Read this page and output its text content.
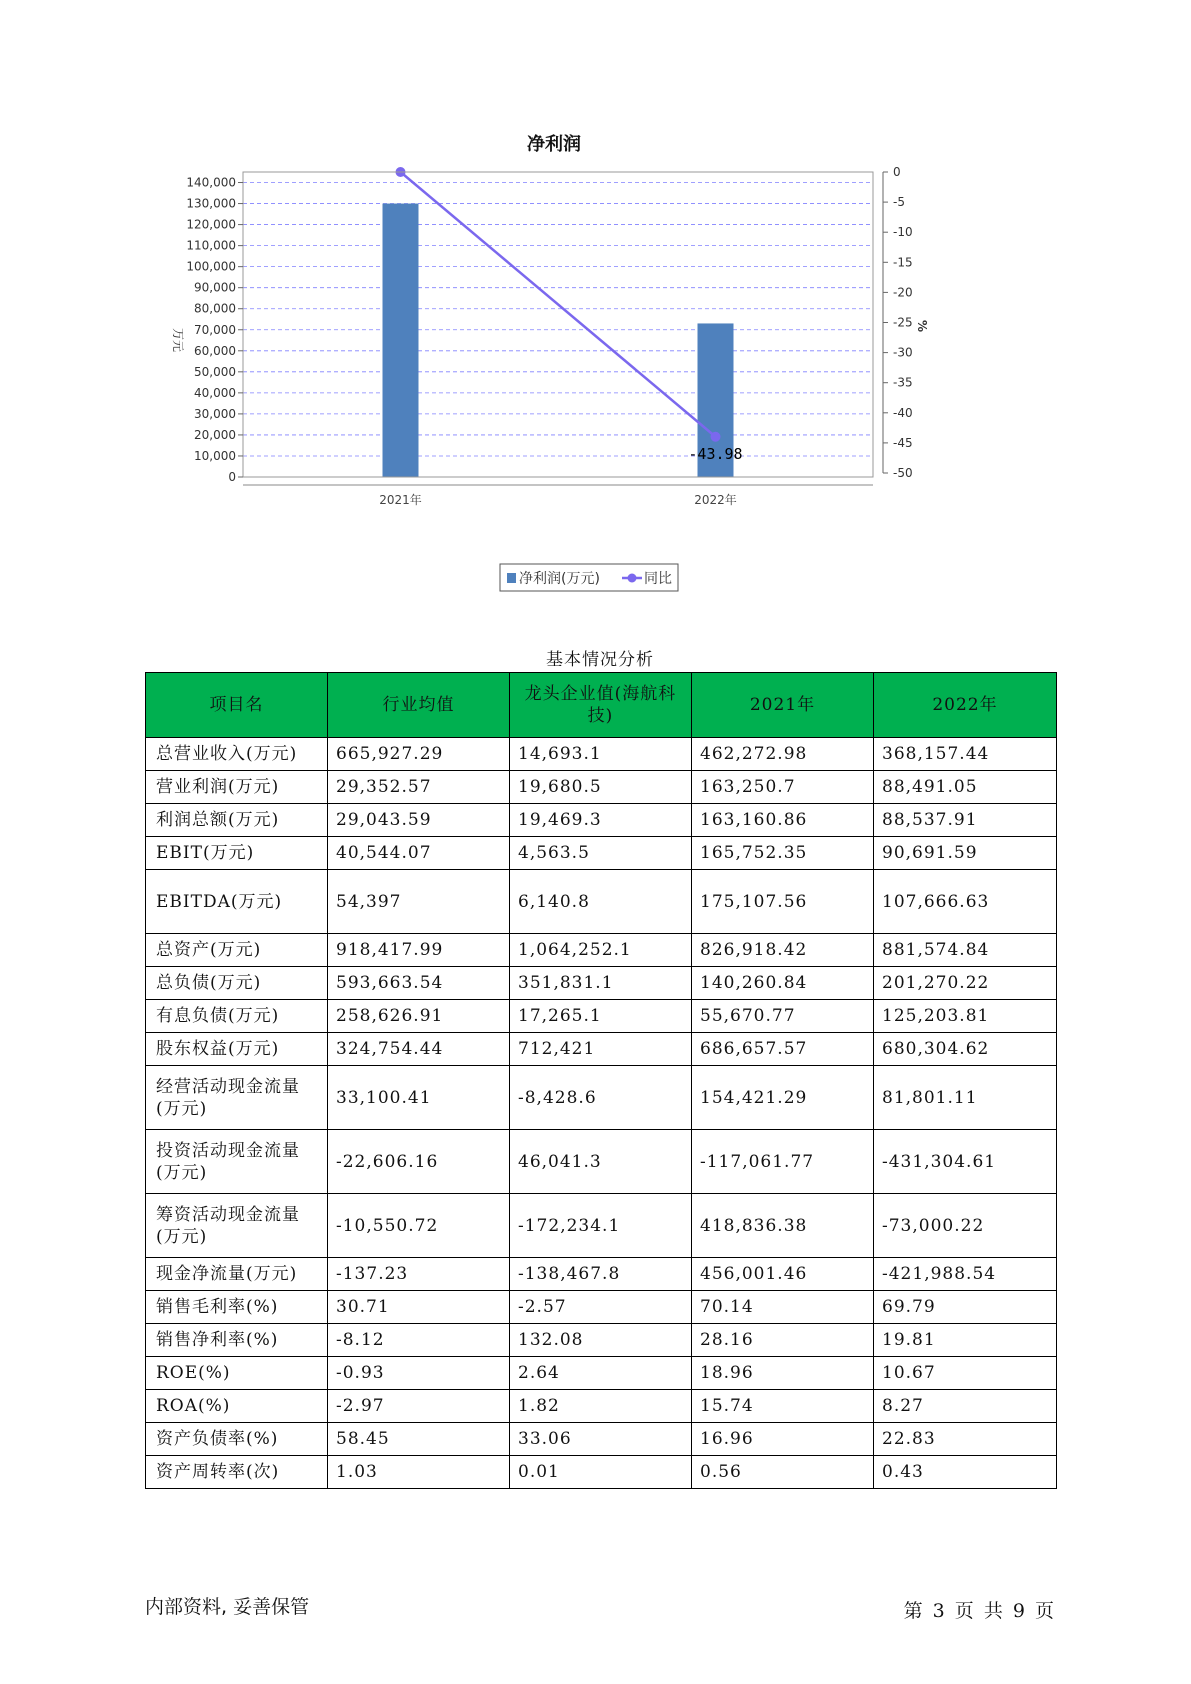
净利润
-43.98
0
10,000
20,000
30,000
40,000
50,000
60,000
70,000
80,000
90,000
100,000
110,000
120,000
130,000
140,000
0
-5
-10
-15
-20
-25
-30
-35
-40
-45
-50
2021年	2022年
万元
%
净利润(万元)	同比
基本情况分析
项目名	行业均值	龙头企业值(海航科技)	2021年	2022年
总营业收入(万元)	665,927.29	14,693.1	462,272.98	368,157.44
营业利润(万元)	29,352.57	19,680.5	163,250.7	88,491.05
利润总额(万元)	29,043.59	19,469.3	163,160.86	88,537.91
EBIT(万元)	40,544.07	4,563.5	165,752.35	90,691.59
EBITDA(万元)	54,397	6,140.8	175,107.56	107,666.63
总资产(万元)	918,417.99	1,064,252.1	826,918.42	881,574.84
总负债(万元)	593,663.54	351,831.1	140,260.84	201,270.22
有息负债(万元)	258,626.91	17,265.1	55,670.77	125,203.81
股东权益(万元)	324,754.44	712,421	686,657.57	680,304.62
经营活动现金流量(万元)	33,100.41	-8,428.6	154,421.29	81,801.11
投资活动现金流量(万元)	-22,606.16	46,041.3	-117,061.77	-431,304.61
筹资活动现金流量(万元)	-10,550.72	-172,234.1	418,836.38	-73,000.22
现金净流量(万元)	-137.23	-138,467.8	456,001.46	-421,988.54
销售毛利率(%)	30.71	-2.57	70.14	69.79
销售净利率(%)	-8.12	132.08	28.16	19.81
ROE(%)	-0.93	2.64	18.96	10.67
ROA(%)	-2.97	1.82	15.74	8.27
资产负债率(%)	58.45	33.06	16.96	22.83
资产周转率(次)	1.03	0.01	0.56	0.43
内部资料, 妥善保管	第 3 页 共 9 页
